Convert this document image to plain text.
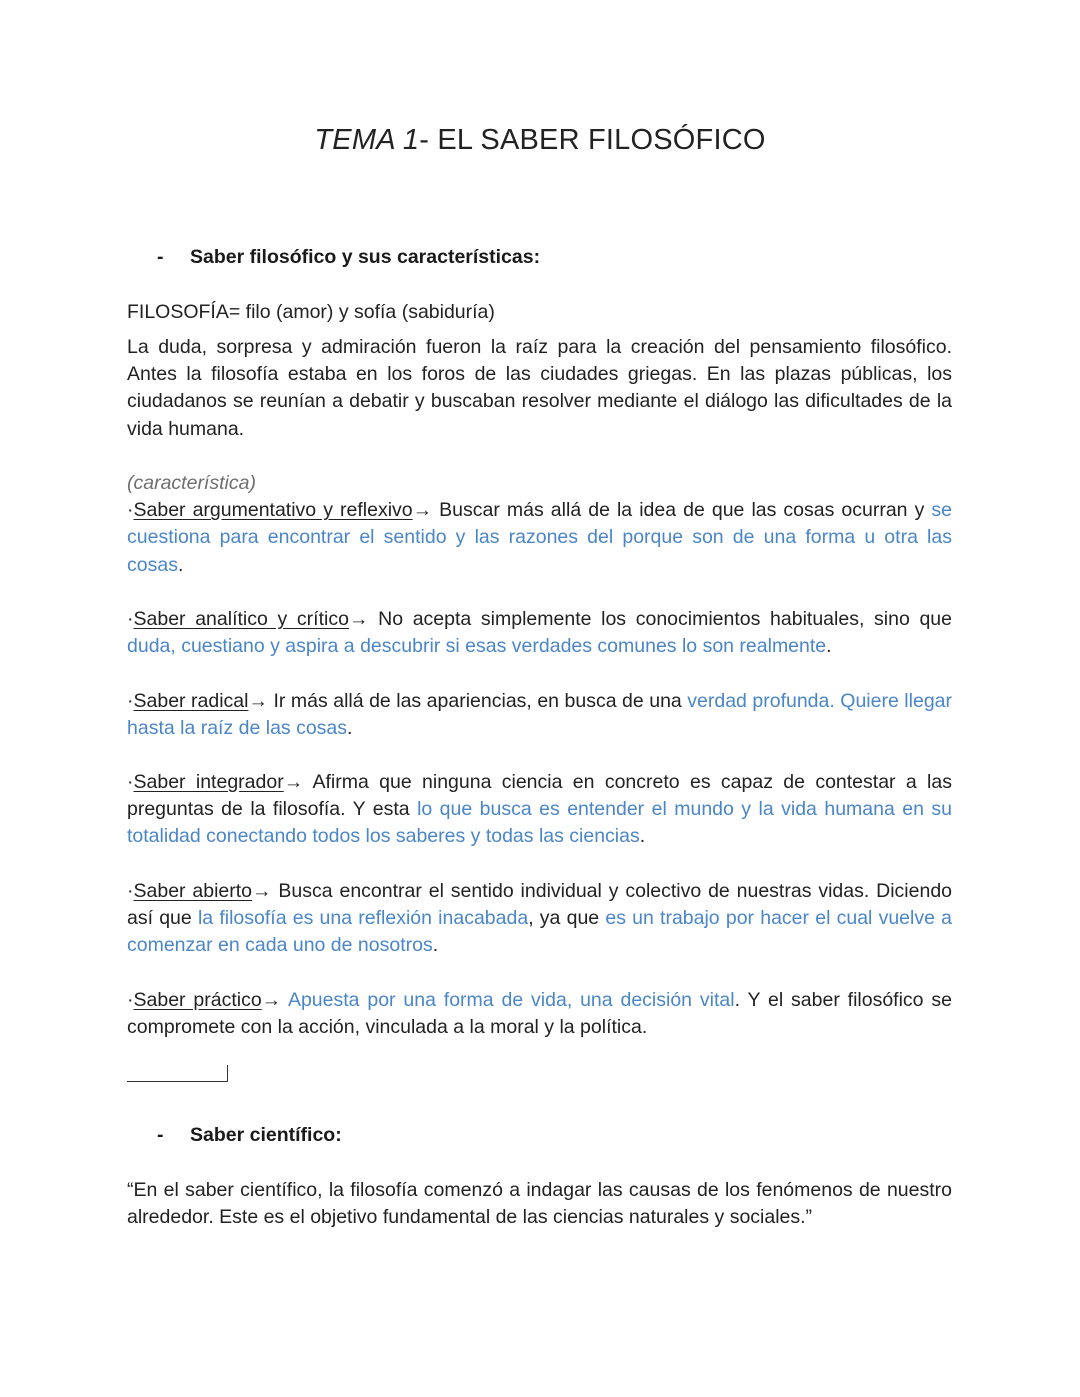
TEMA 1- EL SABER FILOSÓFICO
- Saber filosófico y sus características:
FILOSOFÍA= filo (amor) y sofía (sabiduría)
La duda, sorpresa y admiración fueron la raíz para la creación del pensamiento filosófico. Antes la filosofía estaba en los foros de las ciudades griegas. En las plazas públicas, los ciudadanos se reunían a debatir y buscaban resolver mediante el diálogo las dificultades de la vida humana.
(característica)
·Saber argumentativo y reflexivo→ Buscar más allá de la idea de que las cosas ocurran y se cuestiona para encontrar el sentido y las razones del porque son de una forma u otra las cosas.
·Saber analítico y crítico→ No acepta simplemente los conocimientos habituales, sino que duda, cuestiano y aspira a descubrir si esas verdades comunes lo son realmente.
·Saber radical→ Ir más allá de las apariencias, en busca de una verdad profunda. Quiere llegar hasta la raíz de las cosas.
·Saber integrador→ Afirma que ninguna ciencia en concreto es capaz de contestar a las preguntas de la filosofía. Y esta lo que busca es entender el mundo y la vida humana en su totalidad conectando todos los saberes y todas las ciencias.
·Saber abierto→ Busca encontrar el sentido individual y colectivo de nuestras vidas. Diciendo así que la filosofía es una reflexión inacabada, ya que es un trabajo por hacer el cual vuelve a comenzar en cada uno de nosotros.
·Saber práctico→ Apuesta por una forma de vida, una decisión vital. Y el saber filosófico se compromete con la acción, vinculada a la moral y la política.
- Saber científico:
“En el saber científico, la filosofía comenzó a indagar las causas de los fenómenos de nuestro alrededor. Este es el objetivo fundamental de las ciencias naturales y sociales.”
